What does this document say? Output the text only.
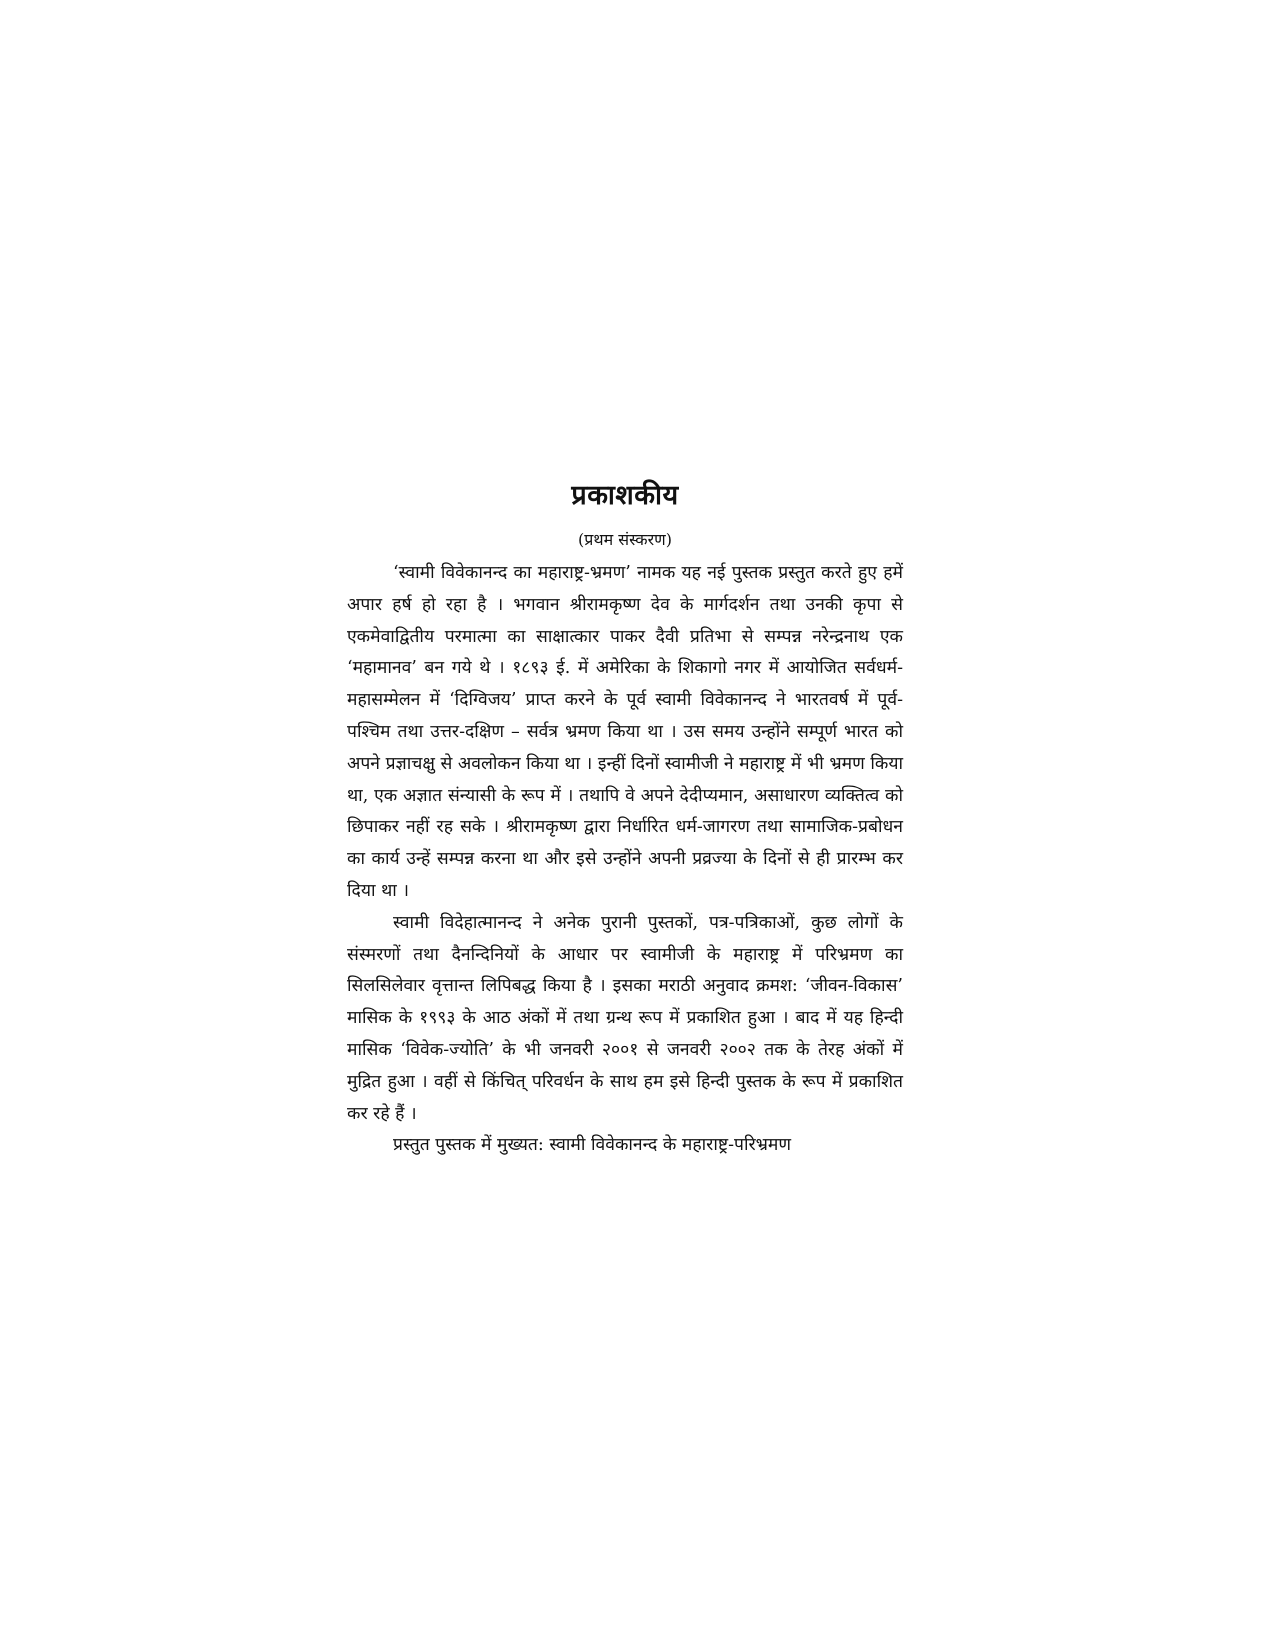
प्रकाशकीय
(प्रथम संस्करण)

‘स्वामी विवेकानन्द का महाराष्ट्र-भ्रमण’ नामक यह नई पुस्तक प्रस्तुत करते हुए हमें अपार हर्ष हो रहा है । भगवान श्रीरामकृष्ण देव के मार्गदर्शन तथा उनकी कृपा से एकमेवाद्वितीय परमात्मा का साक्षात्कार पाकर दैवी प्रतिभा से सम्पन्न नरेन्द्रनाथ एक ‘महामानव’ बन गये थे । १८९३ ई. में अमेरिका के शिकागो नगर में आयोजित सर्वधर्म-महासम्मेलन में ‘दिग्विजय’ प्राप्त करने के पूर्व स्वामी विवेकानन्द ने भारतवर्ष में पूर्व-पश्चिम तथा उत्तर-दक्षिण – सर्वत्र भ्रमण किया था । उस समय उन्होंने सम्पूर्ण भारत को अपने प्रज्ञाचक्षु से अवलोकन किया था । इन्हीं दिनों स्वामीजी ने महाराष्ट्र में भी भ्रमण किया था, एक अज्ञात संन्यासी के रूप में । तथापि वे अपने देदीप्यमान, असाधारण व्यक्तित्व को छिपाकर नहीं रह सके । श्रीरामकृष्ण द्वारा निर्धारित धर्म-जागरण तथा सामाजिक-प्रबोधन का कार्य उन्हें सम्पन्न करना था और इसे उन्होंने अपनी प्रव्रज्या के दिनों से ही प्रारम्भ कर दिया था ।

स्वामी विदेहात्मानन्द ने अनेक पुरानी पुस्तकों, पत्र-पत्रिकाओं, कुछ लोगों के संस्मरणों तथा दैनन्दिनियों के आधार पर स्वामीजी के महाराष्ट्र में परिभ्रमण का सिलसिलेवार वृत्तान्त लिपिबद्ध किया है । इसका मराठी अनुवाद क्रमश: ‘जीवन-विकास’ मासिक के १९९३ के आठ अंकों में तथा ग्रन्थ रूप में प्रकाशित हुआ । बाद में यह हिन्दी मासिक ‘विवेक-ज्योति’ के भी जनवरी २००१ से जनवरी २००२ तक के तेरह अंकों में मुद्रित हुआ । वहीं से किंचित् परिवर्धन के साथ हम इसे हिन्दी पुस्तक के रूप में प्रकाशित कर रहे हैं ।

प्रस्तुत पुस्तक में मुख्यत: स्वामी विवेकानन्द के महाराष्ट्र-परिभ्रमण
